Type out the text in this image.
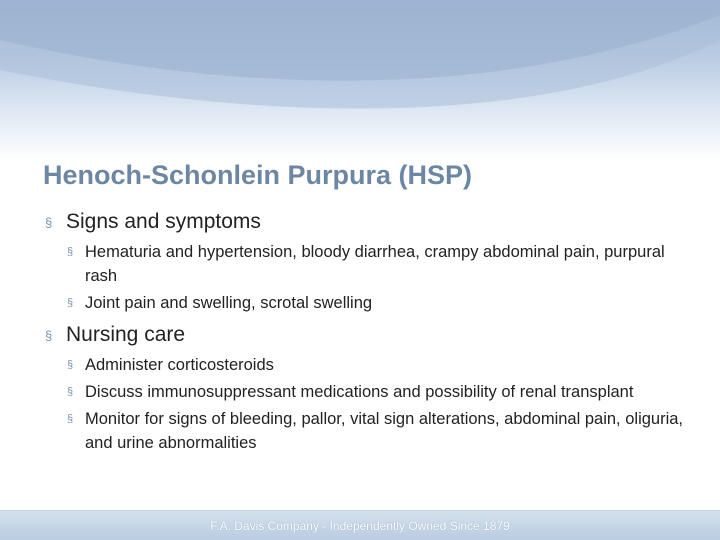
Henoch-Schonlein Purpura (HSP)
§ Signs and symptoms
§ Hematuria and hypertension, bloody diarrhea, crampy abdominal pain, purpural rash
§ Joint pain and swelling, scrotal swelling
§ Nursing care
§ Administer corticosteroids
§ Discuss immunosuppressant medications and possibility of renal transplant
§ Monitor for signs of bleeding, pallor, vital sign alterations, abdominal pain, oliguria, and urine abnormalities
F.A. Davis Company - Independently Owned Since 1879
